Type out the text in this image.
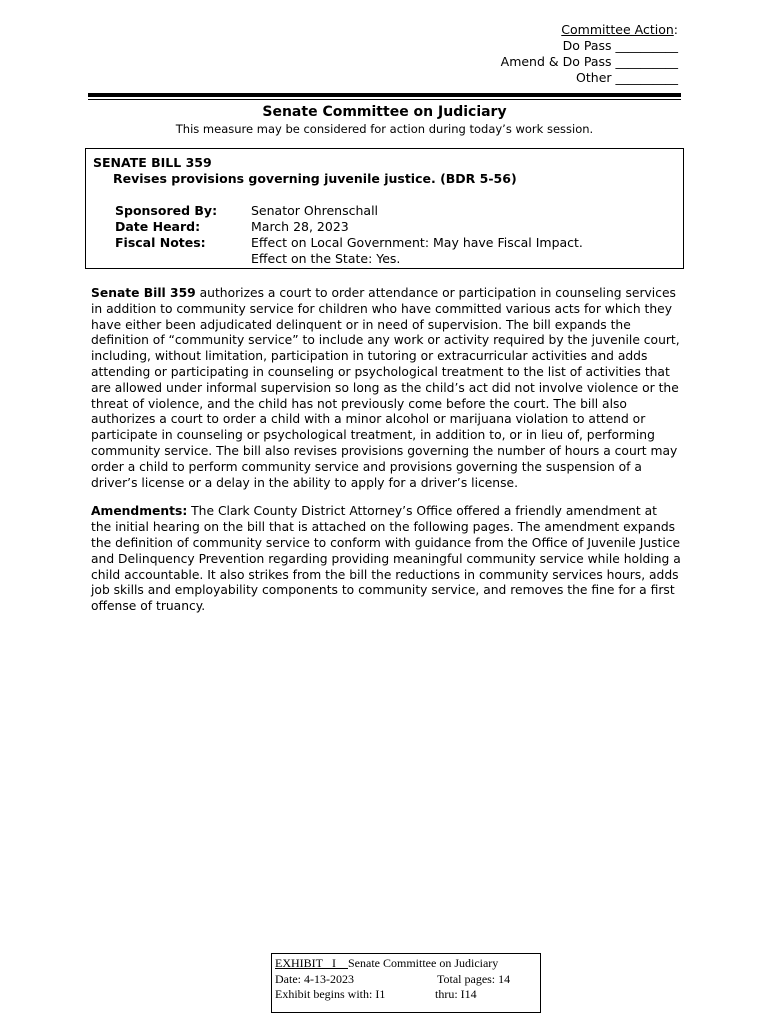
Committee Action:
Do Pass __________
Amend & Do Pass __________
Other __________
Senate Committee on Judiciary
This measure may be considered for action during today’s work session.
SENATE BILL 359
Revises provisions governing juvenile justice. (BDR 5-56)
Sponsored By:	Senator Ohrenschall
Date Heard:	March 28, 2023
Fiscal Notes:	Effect on Local Government: May have Fiscal Impact.
Effect on the State: Yes.

Senate Bill 359 authorizes a court to order attendance or participation in counseling services in addition to community service for children who have committed various acts for which they have either been adjudicated delinquent or in need of supervision. The bill expands the definition of “community service” to include any work or activity required by the juvenile court, including, without limitation, participation in tutoring or extracurricular activities and adds attending or participating in counseling or psychological treatment to the list of activities that are allowed under informal supervision so long as the child’s act did not involve violence or the threat of violence, and the child has not previously come before the court. The bill also authorizes a court to order a child with a minor alcohol or marijuana violation to attend or participate in counseling or psychological treatment, in addition to, or in lieu of, performing community service. The bill also revises provisions governing the number of hours a court may order a child to perform community service and provisions governing the suspension of a driver’s license or a delay in the ability to apply for a driver’s license.

Amendments: The Clark County District Attorney’s Office offered a friendly amendment at the initial hearing on the bill that is attached on the following pages. The amendment expands the definition of community service to conform with guidance from the Office of Juvenile Justice and Delinquency Prevention regarding providing meaningful community service while holding a child accountable. It also strikes from the bill the reductions in community services hours, adds job skills and employability components to community service, and removes the fine for a first offense of truancy.

EXHIBIT I Senate Committee on Judiciary
Date: 4-13-2023	Total pages: 14
Exhibit begins with: I1	thru: I14
